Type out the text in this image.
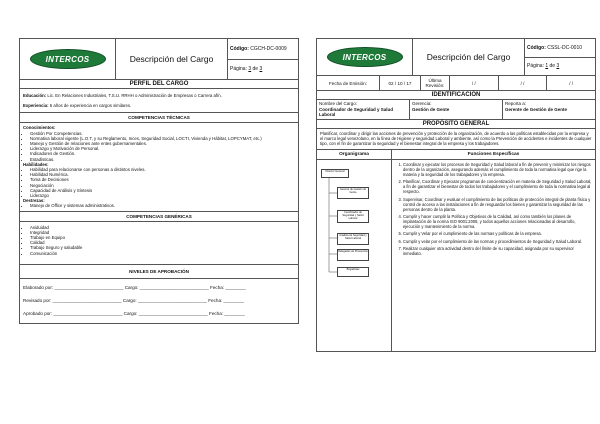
INTERCOS	Descripción del Cargo
Código:
CGCH-DC-0009
Página:
3
de
3
PERFIL DEL CARGO
Educación: Lic. En Relaciones Industriales, T.S.U. RRHH o Administración de Empresas o Carrera afín.
Experiencia: 5 años de experiencia en cargos similares.
COMPETENCIAS TÉCNICAS
Conocimientos:
• Gestión Por Competencias.
• Normativa laboral vigente (L.O.T, y su Reglamento, Inces, Seguridad Social, LOCTI, Vivienda y Hábitat, LOPCYMAT, etc.)
• Manejo y Gestión de relaciones ante entes gubernamentales.
• Liderazgo y Motivación de Personal.
• Indicadores de Gestión.
• Estadísticas.
Habilidades:
• Habilidad para relacionarse con personas a distintos niveles.
• Habilidad Numérica.
• Toma de Decisiones
• Negociación
• Capacidad de Análisis y Síntesis
• Liderazgo
Destrezas:
• Manejo de Office y sistemas administrativos.
COMPETENCIAS GENÉRICAS
• Asiduidad
• Integridad
• Trabajo en Equipo
• Calidad
• Trabajo Seguro y saludable
• Comunicación
NIVELES DE APROBACIÓN
Elaborado por: ___________________________ Cargo: ___________________________ Fecha: ________
Revisado por: ___________________________ Cargo: ___________________________ Fecha: ________
Aprobado por: ___________________________ Cargo: ___________________________ Fecha: ________
INTERCOS	Descripción del Cargo
Código:
CSSL-DC-0010
Página:
1
de
3
Fecha de Emisión:	02 / 10 / 17	Última Revisión:	/ /	/ /	/ /
IDENTIFICACIÓN
Nombre del Cargo:
Coordinador de Seguridad y Salud Laboral
Gerencia:
Gestión de Gente
Reporta a:
Gerente de Gestión de Gente
PROPÓSITO GENERAL
Planificar, coordinar y dirigir las acciones de prevención y protección de la organización, de acuerdo a las políticas establecidas por la empresa y el marco legal venezolano, en la línea de Higiene y seguridad Laboral y ambiente, así como la Prevención de accidentes e incidentes de cualquier tipo, con el fin de garantizar la seguridad y el bienestar integral de la empresa y los trabajadores.
Organigrama	Funciones Específicas
Director General
Gerente de Gestión de Gente
Coordinador de Seguridad y Salud Laboral
Analista de Seguridad y Salud Laboral
Delegados de Prevención
Brigadistas
1. Coordinar y ejecutar los procesos de Seguridad y Salud laboral a fin de prevenir y minimizar los riesgos dentro de la organización, asegurando además el cumplimiento de toda la normativa legal que rige la materia y la seguridad de los trabajadores y la empresa.
2. Planificar, Coordinar y Ejecutar programas de concientización en materia de Seguridad y Salud Laboral, a fin de garantizar el bienestar de todos los trabajadores y el cumplimiento de toda la normativa legal al respecto.
3. Supervisar, Coordinar y evaluar el cumplimiento de las políticas de protección integral de planta física y control de acceso a las instalaciones a fin de resguardar los bienes y garantizar la seguridad de las personas dentro de la planta.
4. Cumplir y hacer cumplir la Política y Objetivos de la Calidad, así como también los planes de implantación de la norma ISO 9001:2008, y todos aquellos acciones relacionadas al desarrollo, ejecución y mantenimiento de la norma.
5. Cumplir y Velar por el cumplimiento de las normas y políticas de la empresa.
6. Cumplir y velar por el cumplimiento de las normas y procedimientos de Seguridad y Salud Laboral.
7. Realizar cualquier otra actividad dentro del límite de su capacidad, asignada por su supervisor inmediato.
